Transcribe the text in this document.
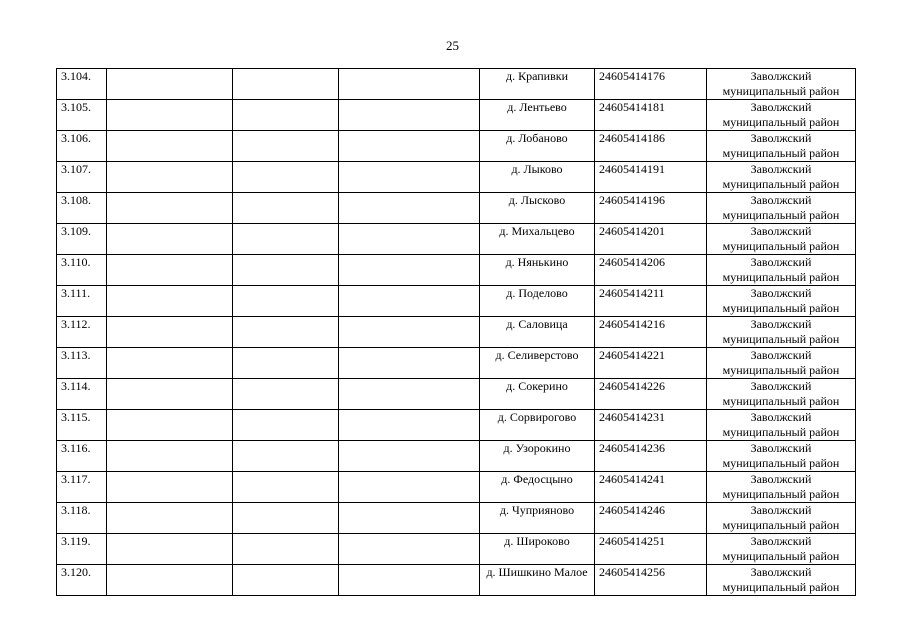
25
3.104.				д. Крапивки	24605414176	Заволжский муниципальный район
3.105.				д. Лентьево	24605414181	Заволжский муниципальный район
3.106.				д. Лобаново	24605414186	Заволжский муниципальный район
3.107.				д. Лыково	24605414191	Заволжский муниципальный район
3.108.				д. Лысково	24605414196	Заволжский муниципальный район
3.109.				д. Михальцево	24605414201	Заволжский муниципальный район
3.110.				д. Нянькино	24605414206	Заволжский муниципальный район
3.111.				д. Поделово	24605414211	Заволжский муниципальный район
3.112.				д. Саловица	24605414216	Заволжский муниципальный район
3.113.				д. Селиверстово	24605414221	Заволжский муниципальный район
3.114.				д. Сокерино	24605414226	Заволжский муниципальный район
3.115.				д. Сорвирогово	24605414231	Заволжский муниципальный район
3.116.				д. Узорокино	24605414236	Заволжский муниципальный район
3.117.				д. Федосцыно	24605414241	Заволжский муниципальный район
3.118.				д. Чуприяново	24605414246	Заволжский муниципальный район
3.119.				д. Широково	24605414251	Заволжский муниципальный район
3.120.				д. Шишкино Малое	24605414256	Заволжский муниципальный район
